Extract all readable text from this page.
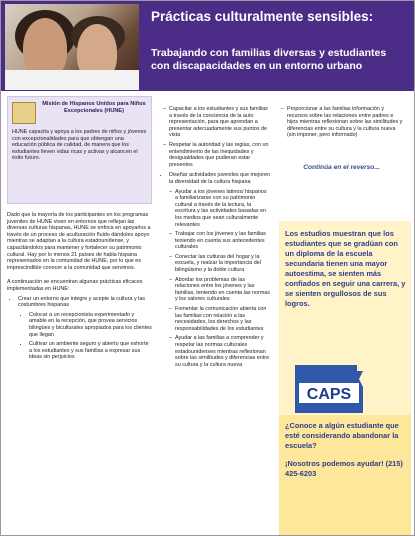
Prácticas culturalmente sensibles:
Trabajando con familias diversas y estudiantes con discapacidades en un entorno urbano
Misión de Hispanos Unidos para Niños Excepcionales (HUNE)
HUNE capacita y apoya a los padres de niños y jóvenes con excepcionalidades para que obtengan una educación pública de calidad, de manera que los estudiantes lleven vidas ricas y activas y alcancen el éxito futuro.
Dado que la mayoría de los participantes en los programas juveniles de HUNE viven en entornos que reflejan las diversas culturas hispanas, HUNE se enfoca en apoyarlos a través de un proceso de aculturación fluido dándoles apoyo mientras se adaptan a la cultura estadounidense, y capacitándolos para mantener y fortalecer su patrimonio cultural. Hay por lo menos 21 países de habla hispana representados en la comunidad de HUNE, por lo que es imprescindible conocer a la comunidad que servimos.
A continuación se encuentran algunas prácticas eficaces implementadas en HUNE:
• Crear un entorno que integre y acepte la cultura y las costumbres hispanas
• Colocar a un recepcionista experimentado y amable en la recepción, que provea servicios bilingües y biculturales apropiados para los clientes que llegan
• Cultivar un ambiente seguro y abierto que exhorte a los estudiantes y sus familias a expresar sus ideas sin perjuicios
– Capacitar a los estudiantes y sus familias a través de la conciencia de la auto representación, para que aprendan a presentar adecuadamente sus puntos de vista
– Respetar la autoridad y las reglas, con un entendimiento de las inequidades y desigualdades que pudieran estar presentes
• Diseñar actividades juveniles que mejoren la diversidad de la cultura hispana
– Ayudar a los jóvenes latinos/ hispanos a familiarizarse con su patrimonio cultural a través de la lectura, la escritura y las actividades basadas en los medios que sean culturalmente relevantes
– Trabajar con los jóvenes y las familias teniendo en cuenta sus antecedentes culturales
– Conectar las culturas del hogar y la escuela, y realzar la importancia del bilingüismo y la doble cultura
– Abordar los problemas de las relaciones entre los jóvenes y las familias, teniendo en cuenta las normas y los valores culturales
– Fomentar la comunicación abierta con las familias con relación a las necesidades, los derechos y las responsabilidades de los estudiantes
– Ayudar a las familias a comprender y respetar las normas culturales estadounidenses mientras reflexionan sobre las similitudes y diferencias entre su cultura y la cultura nueva
– Proporcionar a las familias información y recursos sobre las relaciones entre padres e hijos mientras reflexionan sobre las similitudes y diferencias entre su cultura y la cultura nueva (sin imponer, pero informado)
Continúa en el reverso...
Los estudios muestran que los estudiantes que se gradúan con un diploma de la escuela secundaria tienen una mayor autoestima, se sienten más confiados en seguir una carrera, y se sienten orgullosos de sus logros.
CAPS
¿Conoce a algún estudiante que esté considerando abandonar la escuela?
¡Nosotros podemos ayudar! (215) 425-6203
